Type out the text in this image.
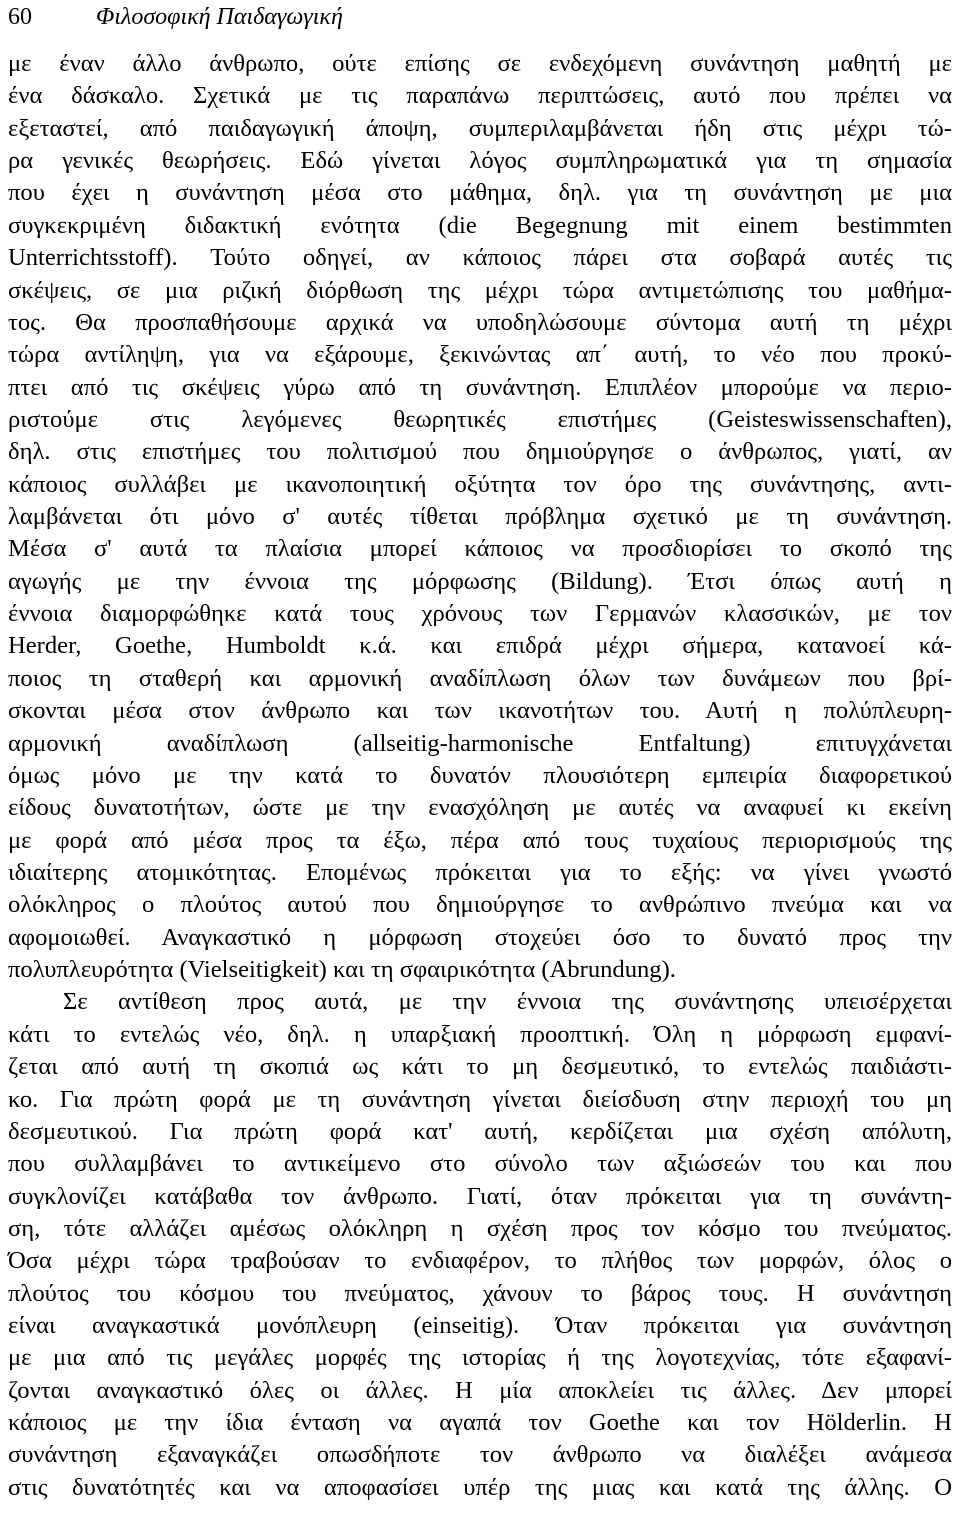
60	Φιλοσοφική Παιδαγωγική
με έναν άλλο άνθρωπο, ούτε επίσης σε ενδεχόμενη συνάντηση μαθητή με
ένα δάσκαλο. Σχετικά με τις παραπάνω περιπτώσεις, αυτό που πρέπει να
εξεταστεί, από παιδαγωγική άποψη, συμπεριλαμβάνεται ήδη στις μέχρι τώ-
ρα γενικές θεωρήσεις. Εδώ γίνεται λόγος συμπληρωματικά για τη σημασία
που έχει η συνάντηση μέσα στο μάθημα, δηλ. για τη συνάντηση με μια
συγκεκριμένη διδακτική ενότητα (die Begegnung mit einem bestimmten
Unterrichtsstoff). Τούτο οδηγεί, αν κάποιος πάρει στα σοβαρά αυτές τις
σκέψεις, σε μια ριζική διόρθωση της μέχρι τώρα αντιμετώπισης του μαθήμα-
τος. Θα προσπαθήσουμε αρχικά να υποδηλώσουμε σύντομα αυτή τη μέχρι
τώρα αντίληψη, για να εξάρουμε, ξεκινώντας απ΄ αυτή, το νέο που προκύ-
πτει από τις σκέψεις γύρω από τη συνάντηση. Επιπλέον μπορούμε να περιο-
ριστούμε στις λεγόμενες θεωρητικές επιστήμες (Geisteswissenschaften),
δηλ. στις επιστήμες του πολιτισμού που δημιούργησε ο άνθρωπος, γιατί, αν
κάποιος συλλάβει με ικανοποιητική οξύτητα τον όρο της συνάντησης, αντι-
λαμβάνεται ότι μόνο σ' αυτές τίθεται πρόβλημα σχετικό με τη συνάντηση.
Μέσα σ' αυτά τα πλαίσια μπορεί κάποιος να προσδιορίσει το σκοπό της
αγωγής με την έννοια της μόρφωσης (Bildung). Έτσι όπως αυτή η
έννοια διαμορφώθηκε κατά τους χρόνους των Γερμανών κλασσικών, με τον
Herder, Goethe, Humboldt κ.ά. και επιδρά μέχρι σήμερα, κατανοεί κά-
ποιος τη σταθερή και αρμονική αναδίπλωση όλων των δυνάμεων που βρί-
σκονται μέσα στον άνθρωπο και των ικανοτήτων του. Αυτή η πολύπλευρη-
αρμονική αναδίπλωση (allseitig-harmonische Entfaltung) επιτυγχάνεται
όμως μόνο με την κατά το δυνατόν πλουσιότερη εμπειρία διαφορετικού
είδους δυνατοτήτων, ώστε με την ενασχόληση με αυτές να αναφυεί κι εκείνη
με φορά από μέσα προς τα έξω, πέρα από τους τυχαίους περιορισμούς της
ιδιαίτερης ατομικότητας. Επομένως πρόκειται για το εξής: να γίνει γνωστό
ολόκληρος ο πλούτος αυτού που δημιούργησε το ανθρώπινο πνεύμα και να
αφομοιωθεί. Αναγκαστικό η μόρφωση στοχεύει όσο το δυνατό προς την
πολυπλευρότητα (Vielseitigkeit) και τη σφαιρικότητα (Abrundung).
Σε αντίθεση προς αυτά, με την έννοια της συνάντησης υπεισέρχεται
κάτι το εντελώς νέο, δηλ. η υπαρξιακή προοπτική. Όλη η μόρφωση εμφανί-
ζεται από αυτή τη σκοπιά ως κάτι το μη δεσμευτικό, το εντελώς παιδιάστι-
κο. Για πρώτη φορά με τη συνάντηση γίνεται διείσδυση στην περιοχή του μη
δεσμευτικού. Για πρώτη φορά κατ' αυτή, κερδίζεται μια σχέση απόλυτη,
που συλλαμβάνει το αντικείμενο στο σύνολο των αξιώσεών του και που
συγκλονίζει κατάβαθα τον άνθρωπο. Γιατί, όταν πρόκειται για τη συνάντη-
ση, τότε αλλάζει αμέσως ολόκληρη η σχέση προς τον κόσμο του πνεύματος.
Όσα μέχρι τώρα τραβούσαν το ενδιαφέρον, το πλήθος των μορφών, όλος ο
πλούτος του κόσμου του πνεύματος, χάνουν το βάρος τους. Η συνάντηση
είναι αναγκαστικά μονόπλευρη (einseitig). Όταν πρόκειται για συνάντηση
με μια από τις μεγάλες μορφές της ιστορίας ή της λογοτεχνίας, τότε εξαφανί-
ζονται αναγκαστικό όλες οι άλλες. Η μία αποκλείει τις άλλες. Δεν μπορεί
κάποιος με την ίδια ένταση να αγαπά τον Goethe και τον Hölderlin. Η
συνάντηση εξαναγκάζει οπωσδήποτε τον άνθρωπο να διαλέξει ανάμεσα
στις δυνατότητές και να αποφασίσει υπέρ της μιας και κατά της άλλης. Ο
